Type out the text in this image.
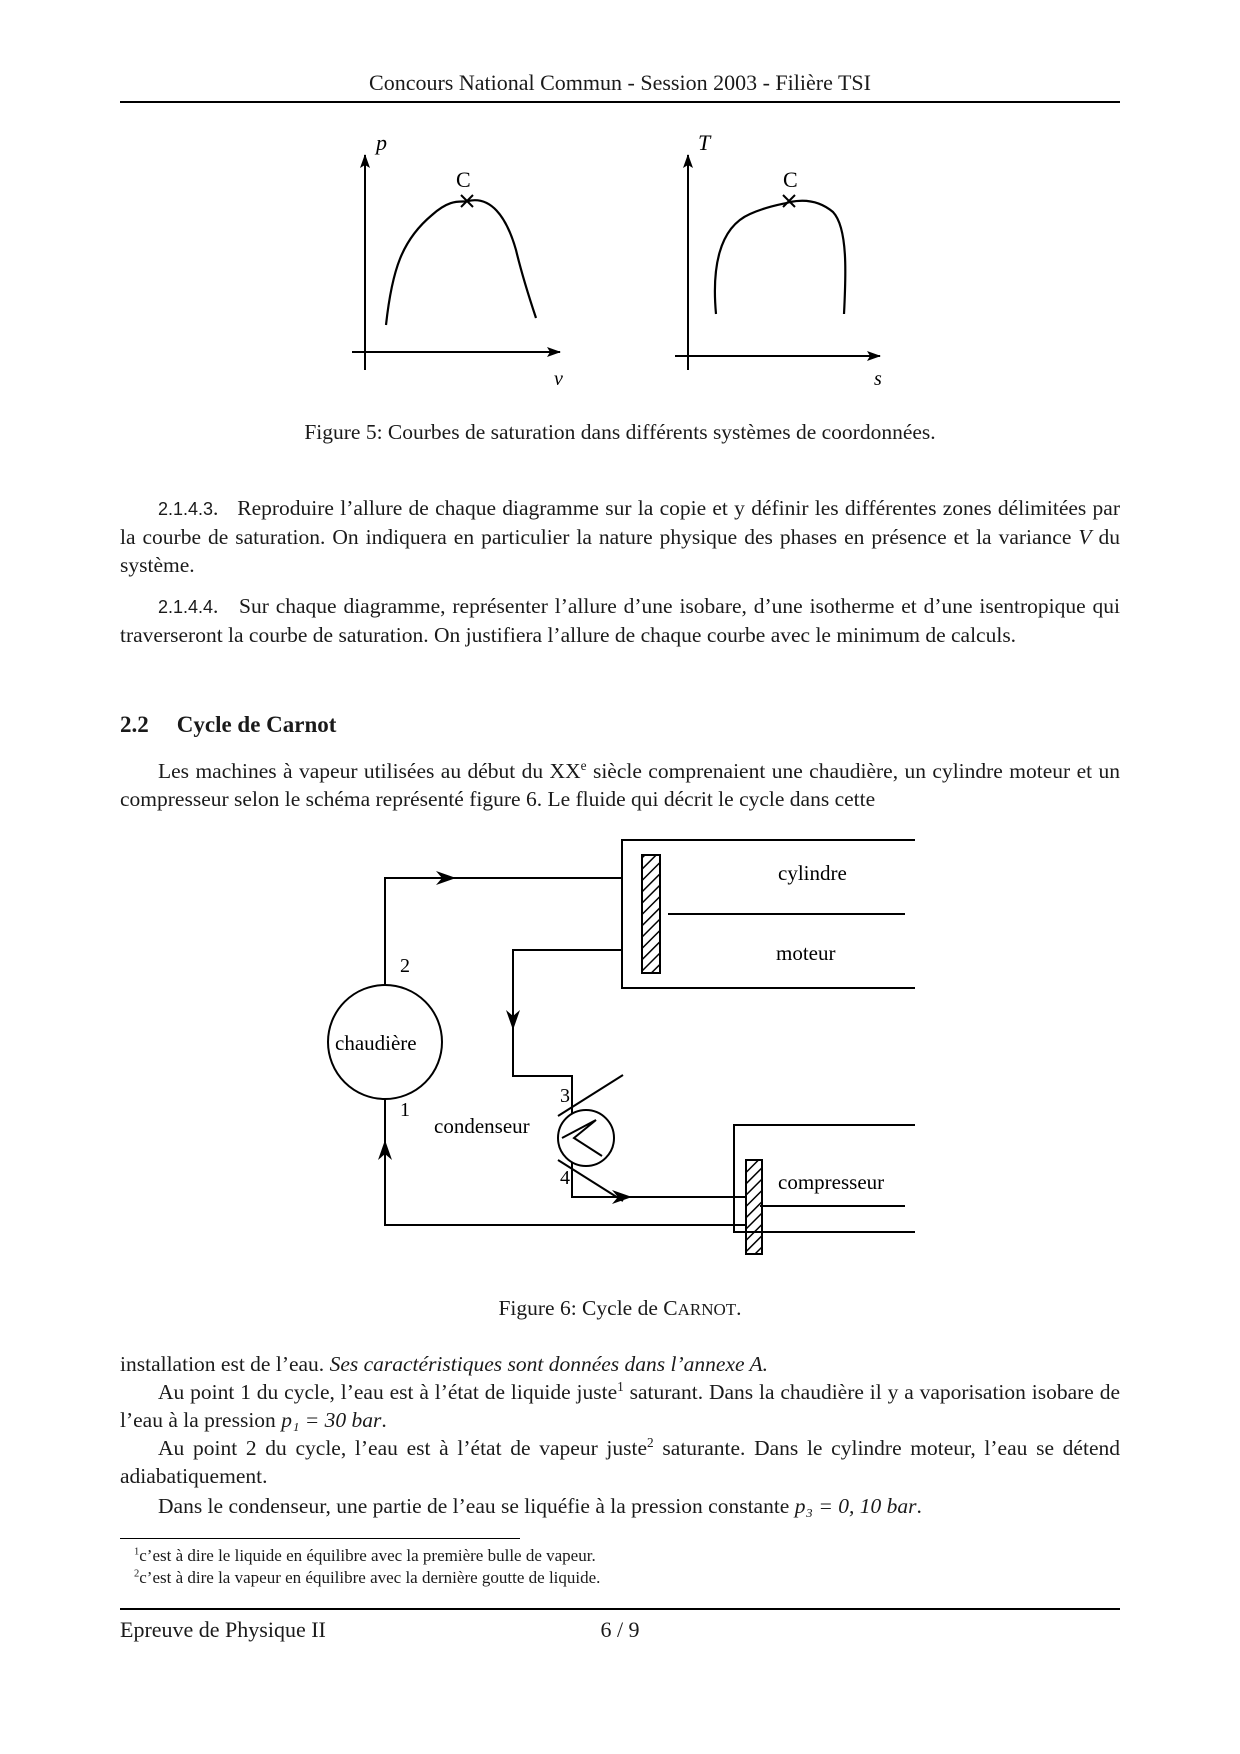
Concours National Commun - Session 2003 - Filière TSI
p
v
C
T
s
C
Figure 5: Courbes de saturation dans différents systèmes de coordonnées.
2.1.4.3.   Reproduire l’allure de chaque diagramme sur la copie et y définir les différentes zones délimitées par la courbe de saturation. On indiquera en particulier la nature physique des phases en présence et la variance V du système.
2.1.4.4.   Sur chaque diagramme, représenter l’allure d’une isobare, d’une isotherme et d’une isentropique qui traverseront la courbe de saturation. On justifiera l’allure de chaque courbe avec le minimum de calculs.
2.2 Cycle de Carnot
Les machines à vapeur utilisées au début du XXe siècle comprenaient une chaudière, un cylindre moteur et un compresseur selon le schéma représenté figure 6. Le fluide qui décrit le cycle dans cette
cylindre
moteur
chaudière
condenseur
compresseur
1
2
3
4
Figure 6: Cycle de CARNOT.
installation est de l’eau. Ses caractéristiques sont données dans l’annexe A.
Au point 1 du cycle, l’eau est à l’état de liquide juste$^1$ saturant. Dans la chaudière il y a vaporisation isobare de l’eau à la pression p₁ = 30 bar.
Au point 2 du cycle, l’eau est à l’état de vapeur juste$^2$ saturante. Dans le cylindre moteur, l’eau se détend adiabatiquement.
Dans le condenseur, une partie de l’eau se liquéfie à la pression constante p₃ = 0, 10 bar.
$^1$c’est à dire le liquide en équilibre avec la première bulle de vapeur.
$^2$c’est à dire la vapeur en équilibre avec la dernière goutte de liquide.
Epreuve de Physique II	6 / 9
